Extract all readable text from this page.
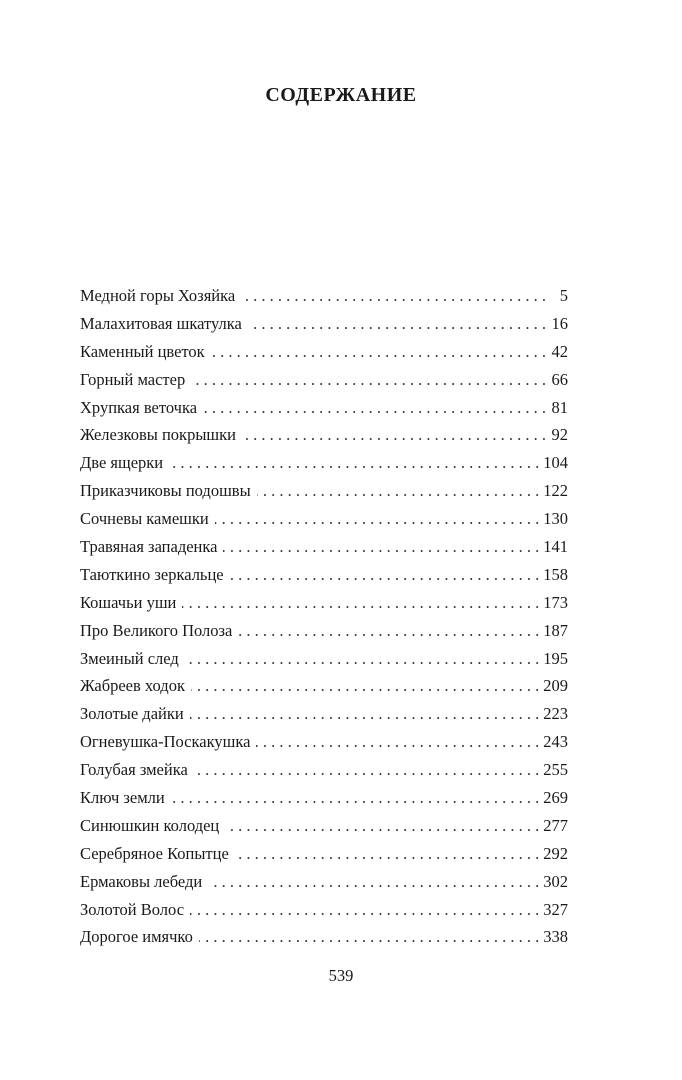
СОДЕРЖАНИЕ
Медной горы Хозяйка . . .	5
Малахитовая шкатулка . . .	16
Каменный цветок . . .	42
Горный мастер . . .	66
Хрупкая веточка . . .	81
Железковы покрышки . . .	92
Две ящерки . . .	104
Приказчиковы подошвы . . .	122
Сочневы камешки . . .	130
Травяная западенка . . .	141
Таюткино зеркальце . . .	158
Кошачьи уши . . .	173
Про Великого Полоза . . .	187
Змеиный след . . .	195
Жабреев ходок . . .	209
Золотые дайки . . .	223
Огневушка-Поскакушка . . .	243
Голубая змейка . . .	255
Ключ земли . . .	269
Синюшкин колодец . . .	277
Серебряное Копытце . . .	292
Ермаковы лебеди . . .	302
Золотой Волос . . .	327
Дорогое имячко . . .	338
539
